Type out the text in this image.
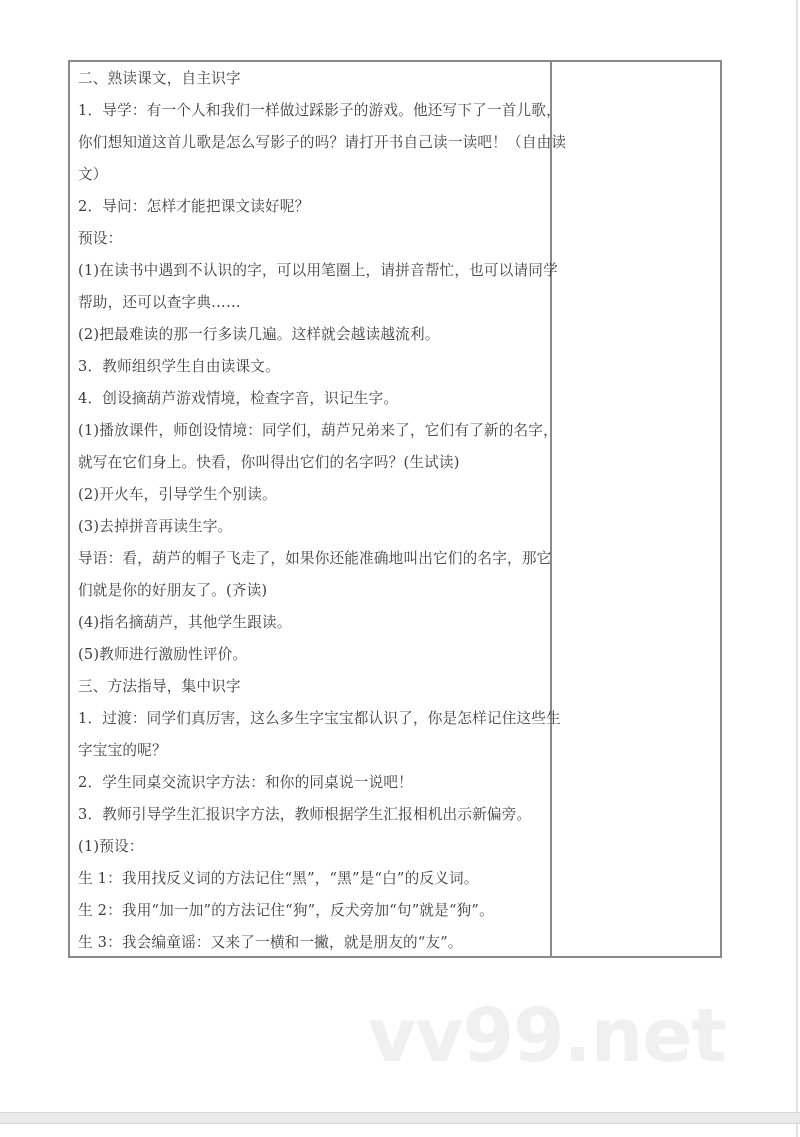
二、熟读课文，自主识字
1．导学：有一个人和我们一样做过踩影子的游戏。他还写下了一首儿歌，
你们想知道这首儿歌是怎么写影子的吗？请打开书自己读一读吧！（自由读
文）
2．导问：怎样才能把课文读好呢？
预设：
(1)在读书中遇到不认识的字，可以用笔圈上，请拼音帮忙，也可以请同学
帮助，还可以查字典……
(2)把最难读的那一行多读几遍。这样就会越读越流利。
3．教师组织学生自由读课文。
4．创设摘葫芦游戏情境，检查字音，识记生字。
(1)播放课件，师创设情境：同学们，葫芦兄弟来了，它们有了新的名字，
就写在它们身上。快看，你叫得出它们的名字吗？(生试读)
(2)开火车，引导学生个别读。
(3)去掉拼音再读生字。
导语：看，葫芦的帽子飞走了，如果你还能准确地叫出它们的名字，那它
们就是你的好朋友了。(齐读)
(4)指名摘葫芦，其他学生跟读。
(5)教师进行激励性评价。
三、方法指导，集中识字
1．过渡：同学们真厉害，这么多生字宝宝都认识了，你是怎样记住这些生
字宝宝的呢？
2．学生同桌交流识字方法：和你的同桌说一说吧！
3．教师引导学生汇报识字方法，教师根据学生汇报相机出示新偏旁。
(1)预设：
生 1：我用找反义词的方法记住“黑”，“黑”是“白”的反义词。
生 2：我用“加一加”的方法记住“狗”，反犬旁加“句”就是“狗”。
生 3：我会编童谣：又来了一横和一撇，就是朋友的“友”。
vv99.net
